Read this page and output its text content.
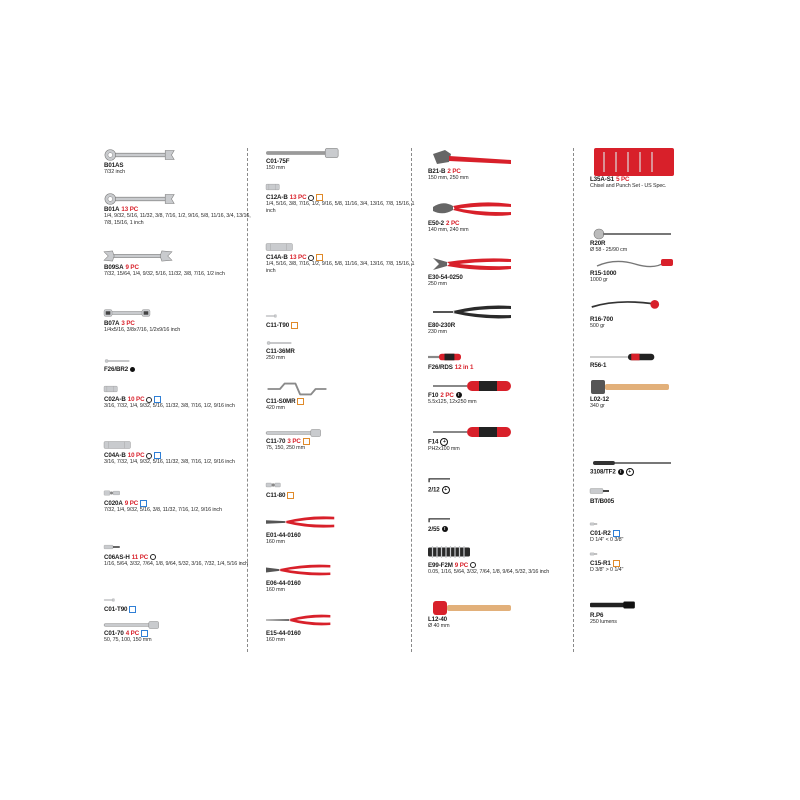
B01AS
7/32 inch
B01A 13 PC
1/4, 9/32, 5/16, 11/32, 3/8, 7/16, 1/2, 9/16, 5/8, 11/16, 3/4, 13/16, 7/8, 15/16, 1 inch
B09SA 9 PC
7/32, 15/64, 1/4, 9/32, 5/16, 11/32, 3/8, 7/16, 1/2 inch
B07A 3 PC
1/4x5/16, 3/8x7/16, 1/2x9/16 inch
F26/BR2
C02A-B 10 PC
3/16, 7/32, 1/4, 9/32, 5/16, 11/32, 3/8, 7/16, 1/2, 9/16 inch
C04A-B 10 PC
3/16, 7/32, 1/4, 9/32, 5/16, 11/32, 3/8, 7/16, 1/2, 9/16 inch
C020A 9 PC
7/32, 1/4, 9/32, 5/16, 3/8, 11/32, 7/16, 1/2, 9/16 inch
C06AS-H 11 PC
1/16, 5/64, 3/32, 7/64, 1/8, 9/64, 5/32, 3/16, 7/32, 1/4, 5/16 inch
C01-T90
C01-70 4 PC
50, 75, 100, 150 mm
C01-75F
150 mm
C12A-B 13 PC
1/4, 5/16, 3/8, 7/16, 1/2, 9/16, 5/8, 11/16, 3/4, 13/16, 7/8, 15/16, 1 inch
C14A-B 13 PC
1/4, 5/16, 3/8, 7/16, 1/2, 9/16, 5/8, 11/16, 3/4, 13/16, 7/8, 15/16, 1 inch
C11-T90
C11-36MR
250 mm
C11-S0MR
420 mm
C11-70 3 PC
75, 150, 250 mm
C11-80
E01-44-0160
160 mm
E06-44-0160
160 mm
E15-44-0160
160 mm
B21-B 2 PC
150 mm, 250 mm
E50-2 2 PC
140 mm, 240 mm
E30-54-0250
250 mm
E80-230R
230 mm
F26/RDS 12 in 1
F10 2 PC !
5.5x125, 12x250 mm
F14 +
PH2x100 mm
2/12 +
2/55 !
E99-F2M 9 PC
0.05, 1/16, 5/64, 3/32, 7/64, 1/8, 9/64, 5/32, 3/16 inch
L12-40
Ø 40 mm
L35A-S1 5 PC
Chisel and Punch Set - US Spec.
R20R
Ø 58 - 25/90 cm
R15-1000
1000 gr
R16-700
500 gr
R56-1
L02-12
340 gr
3108/TF2 ! +
BT/B005
C01-R2
D 1/4" < 0 3/8"
C15-R1
D 3/8" > 0 1/4"
R.P6
250 lumens
